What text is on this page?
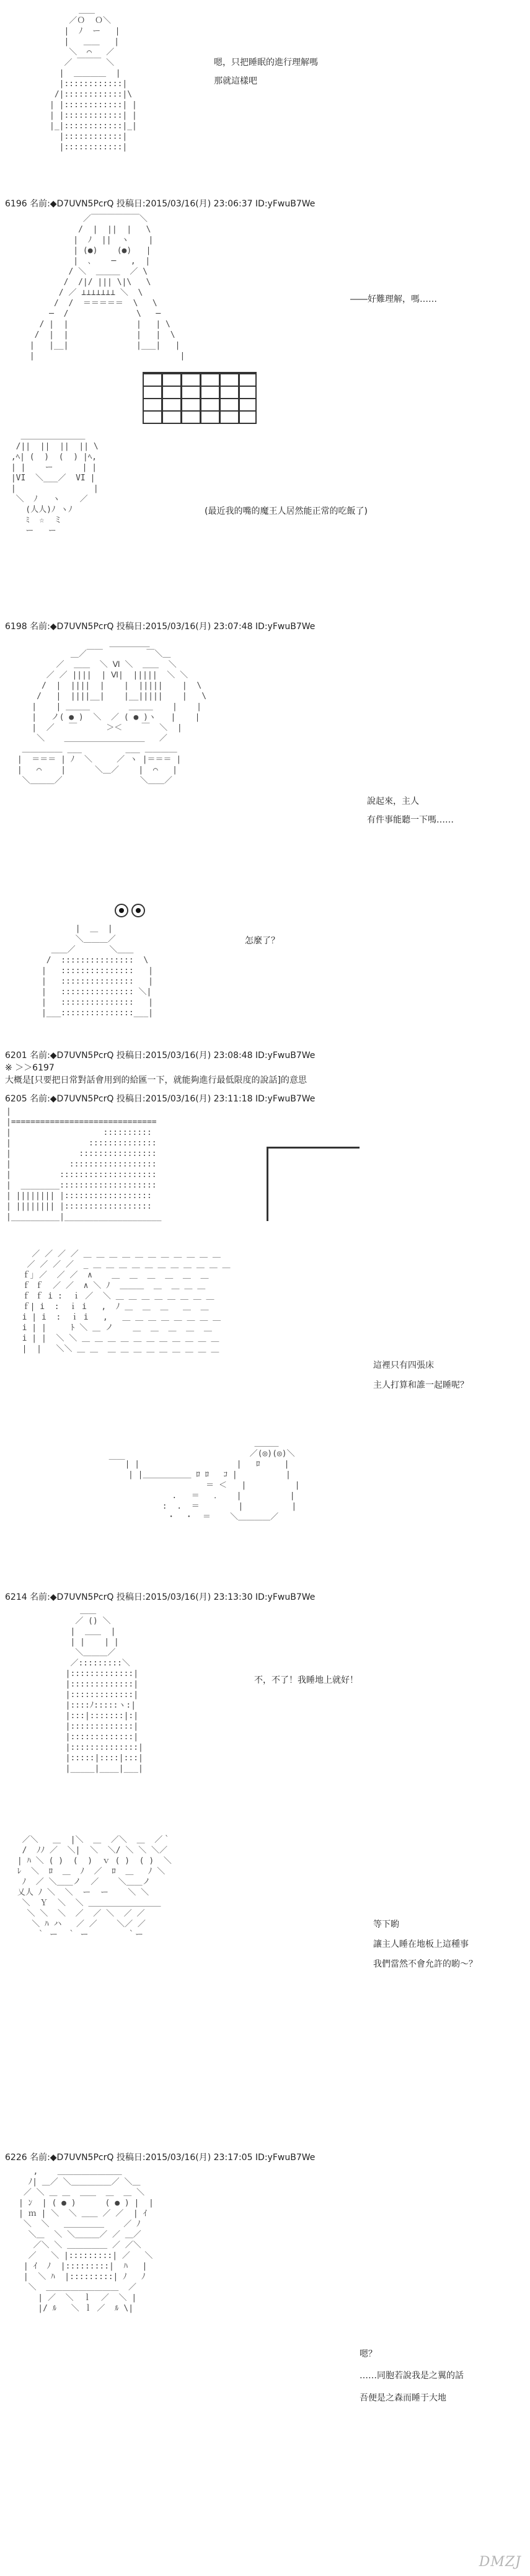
＿＿
／Ｏ  Ｏ＼
|  ﾉ  ー   |
|   ＿＿   |
＼  ⌒   ／
／ ￣￣￣ ＼
|  ＿＿＿＿  |
|::::::::::::|
/|::::::::::::|\
| |::::::::::::| |
| |::::::::::::| |
|_|::::::::::::|_|
|::::::::::::|
|::::::::::::|
嗯，只把睡眠的進行理解嗎
那就這樣吧
6196 名前:◆D7UVN5PcrQ 投稿日:2015/03/16(月) 23:06:37 ID:yFwuB7We
／￣￣￣￣￣￣＼
/  |  ||  |   \
|  ﾉ  ||  ヽ    |
| (●)    (●)   |
|  ､    ─   ,  |
/ ＼  ＿＿＿  ／ \
/  /|/ ||| \|\   \
/ ／ ⊥⊥⊥⊥⊥⊥⊥ ＼  \
/  /  ＝＝＝＝＝  \   \
─  /              \   ─
/ |  |              |   | \
/  |  |              |   |  \
|   |__|              |___|   |
|                              |
――好難理解，嗎……
＿＿＿＿＿＿＿＿
/||  ||  ||  || \
,ﾍ| (  )  (  ) |ﾍ,
| |    ー      | |
|VI  ＼___／  VI |
|                |
＼  ﾉ   ヽ    ／
(人人)ﾉ ヽﾉ
ﾐ  ☆  ミ
ー   ー
(最近我的嘴的魔王人居然能正常的吃飯了)
6198 名前:◆D7UVN5PcrQ 投稿日:2015/03/16(月) 23:07:48 ID:yFwuB7We
＿＿＿＿＿
＿／￣￣         ￣＼＿
／  ＿＿  ＼ Ⅵ ＼  ＿＿  ＼
／ ／ ||||  | Ⅵ|  |||||  ＼ ＼
/  |  ||||  |    |  |||||    |  \
/   |  ||||__|    |__|||||    |   \
|    | ＿＿＿        ＿＿＿    |    |
|   ノ( ● )  ＼  ／ ( ● )ヽ   |    |
|  ／   ￣      ＞＜    ￣  ＼  |
＼    ＿＿＿＿＿＿＿＿＿＿   ／
＿＿＿＿＿ ___         ___ ＿＿＿＿
|  ＝＝＝ | ﾉ  ＼     ／ ヽ |＝＝＝ |
|   ⌒    |      ＼＿／    |  ⌒   |
＼＿＿＿／                ＼＿＿／
說起來，主人
有件事能聽一下嗎……
|  ＿  |
＼＿＿＿／
＿＿／       ＼＿＿
/  :::::::::::::::  \
|   :::::::::::::::   |
|   :::::::::::::::   |
|   ::::::::::::::: ＼|
|   :::::::::::::::   |
|___:::::::::::::::___|
怎麼了？
6201 名前:◆D7UVN5PcrQ 投稿日:2015/03/16(月) 23:08:48 ID:yFwuB7We
※ ＞＞6197
大概是[只要把日常對話會用到的給匯一下，就能夠進行最低限度的說話]的意思
6205 名前:◆D7UVN5PcrQ 投稿日:2015/03/16(月) 23:11:18 ID:yFwuB7We
|
|==============================
|                   ::::::::::
|                ::::::::::::::
|              ::::::::::::::::
|            ::::::::::::::::::
|          ::::::::::::::::::::
|  ________::::::::::::::::::::
| |||||||| |::::::::::::::::::
| |||||||| |::::::::::::::::::
|__________|____________________
／ ／ ／ ／ ＿ ＿ ＿ ＿ ＿ ＿ ＿ ＿ ＿ ＿ ＿
／ ／ ／ ／  _ ＿ ＿ ＿ ＿ ＿ ＿ ＿ ＿ ＿ ＿ ＿
ｆ｣ ／  ／ ／  ∧    ＿  ＿  ＿  ＿  ＿  ＿
ｆ ｆ  ／ ／  ∧ ＼ ﾉ  ＿＿＿  ＿  ＿ ＿ ＿
ｆ ｆ i :  ｉ ／  ＼ ＿ ＿ ＿ ＿ ＿ ＿ ＿ ＿
ｆ| i  :  ｉ i   ,  ﾉ ＿  ＿  ＿   ＿  ＿
i | i  :  ｉ i   ,   ＿ ＿ ＿ ＿ ＿ ＿ ＿ ＿
i | |     ﾄ ＼ ＿ ノ    ＿  ＿  ＿  ＿  ＿
i | |  ＼ ＼ ＿ ＿ ＿ ＿ ＿ ＿ ＿ ＿ ＿ ＿ ＿
|  |   ＼＼ ＿ ＿  ＿ ＿ ＿ ＿ ＿ ＿ ＿ ＿ ＿
這裡只有四張床
主人打算和誰一起睡呢？
＿＿＿
／(◎)(◎)＼
￣￣| |                    |   ﾛ     |
| |＿＿＿＿＿＿ ﾛ ﾛ   ｺ |          |
＝ ＜   |          |
.   ＝   ．   |          |
:  .  ＝        |          |
・  ・  ＝    ＼＿＿＿＿／
6214 名前:◆D7UVN5PcrQ 投稿日:2015/03/16(月) 23:13:30 ID:yFwuB7We
＿＿
／ () ＼
|  ＿＿  |
| |    | |
＼＿＿＿／
／:::::::::＼
|:::::::::::::|
|:::::::::::::|
|:::::::::::::|
|::::ﾉ:::::ヽ:|
|:::|:::::::|:|
|:::::::::::::|
|:::::::::::::|
|::::::::::::::|
|:::::|::::|:::|
|_____|____|___|
不，不了！我睡地上就好！
／＼   ＿  |＼  ＿  ／＼  ＿  ／｀
/  ﾉﾉ ／  ＼|  ＼  ＼/ ＼ ＼ ＼／
| ﾊ ＼ ( )  (  )  ｖ ( )  ( )  ＼
ﾚ  ＼  ﾛ  ＿  ﾉ  ／  ﾛ  ＿   ﾉ ＼
ﾉ  ／ ＼＿＿ノ  ／    ＼＿＿ノ
乂人 ﾉ ＼  ＼  ー  ー    ＼ ＼
＼  Ｙ  ＼  ＼ ＿＿＿＿＿＿＿＿＿
＼ ＼  ＼  ／  ／ ＼  ／ ／
＼ ﾊ ハ   ／ ／    ＼／ ／
｀ ー  ｀ ー        ｀ー
等下喲
讓主人睡在地板上這種事
我們當然不會允許的喲～？
6226 名前:◆D7UVN5PcrQ 投稿日:2015/03/16(月) 23:17:05 ID:yFwuB7We
,    ＿＿＿＿＿＿＿＿
ﾉ| ＿／ ＼＿＿＿＿＿／ ＼＿
／ ＼ ＿ ＿  ＿＿  ＿  ＿ ＼
| ﾝ  | ( ● )      ( ● ) |  |
| ｍ | ＼  ＼ ＿＿ ／ ／  | ｲ
＼  ＼   ＿＿＿＿＿    ／ ﾉ
＼＿  ＼ ＼＿＿＿／ ／ ＿／
／＼ ＼ ＿＿＿＿＿ ／ ／＼
／   ＼ |:::::::::| ／   ＼
| ｲ  ﾉ  |:::::::::|  ﾊ   |
|  ＼ ﾊ  |:::::::::| ﾉ   ﾉ
＼  ＿＿＿＿＿＿＿＿＿  ／
| ／  ＼  ｌ  ／  ＼ |
|/ ﾙ   ＼ ｌ ／  ﾙ \|
嗯？
……同胞若說我是之翼的話
吾便是之森而睡于大地
DMZJ
